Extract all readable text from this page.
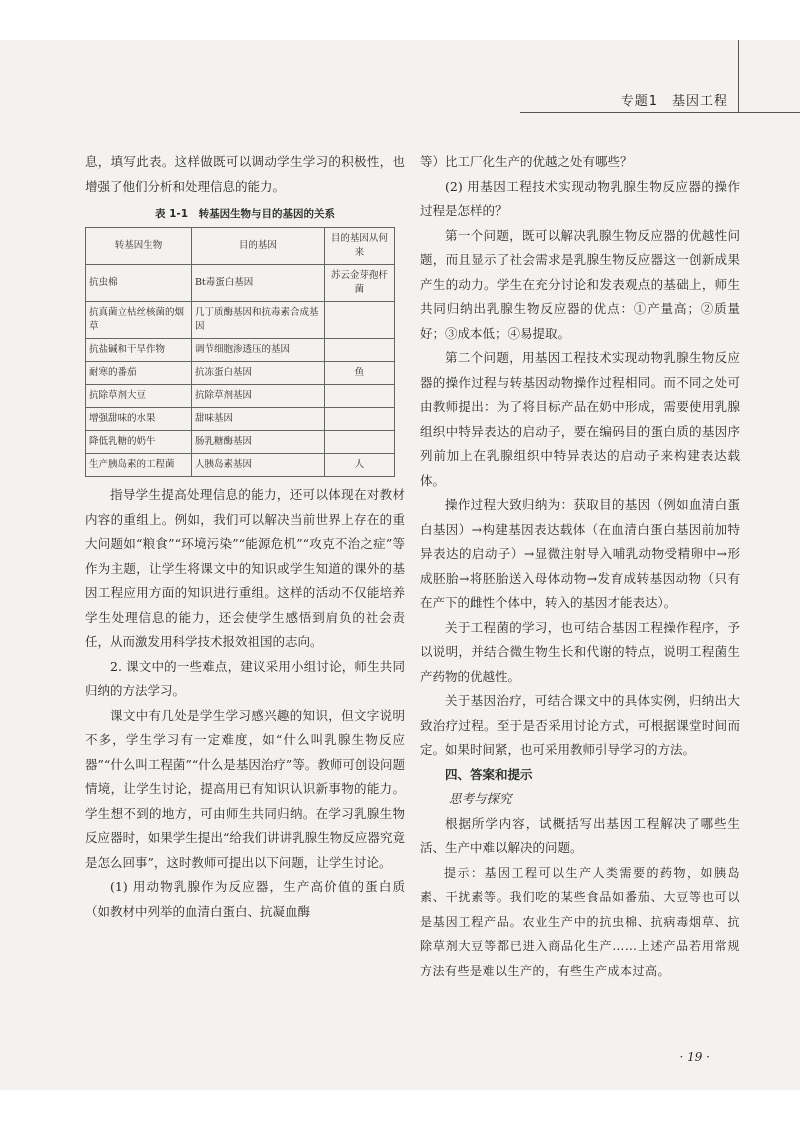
专题1　基因工程

息，填写此表。这样做既可以调动学生学习的积极性，也增强了他们分析和处理信息的能力。

表 1-1　转基因生物与目的基因的关系
转基因生物	目的基因	目的基因从何来
抗虫棉	Bt毒蛋白基因	苏云金芽孢杆菌
抗真菌立枯丝核菌的烟草	几丁质酶基因和抗毒素合成基因	
抗盐碱和干旱作物	调节细胞渗透压的基因	
耐寒的番茄	抗冻蛋白基因	鱼
抗除草剂大豆	抗除草剂基因	
增强甜味的水果	甜味基因	
降低乳糖的奶牛	肠乳糖酶基因	
生产胰岛素的工程菌	人胰岛素基因	人

指导学生提高处理信息的能力，还可以体现在对教材内容的重组上。例如，我们可以解决当前世界上存在的重大问题如“粮食”“环境污染”“能源危机”“攻克不治之症”等作为主题，让学生将课文中的知识或学生知道的课外的基因工程应用方面的知识进行重组。这样的活动不仅能培养学生处理信息的能力，还会使学生感悟到肩负的社会责任，从而激发用科学技术报效祖国的志向。

2. 课文中的一些难点，建议采用小组讨论，师生共同归纳的方法学习。

课文中有几处是学生学习感兴趣的知识，但文字说明不多，学生学习有一定难度，如“什么叫乳腺生物反应器”“什么叫工程菌”“什么是基因治疗”等。教师可创设问题情境，让学生讨论，提高用已有知识认识新事物的能力。学生想不到的地方，可由师生共同归纳。在学习乳腺生物反应器时，如果学生提出“给我们讲讲乳腺生物反应器究竟是怎么回事”，这时教师可提出以下问题，让学生讨论。

(1) 用动物乳腺作为反应器，生产高价值的蛋白质（如教材中列举的血清白蛋白、抗凝血酶

等）比工厂化生产的优越之处有哪些？

(2) 用基因工程技术实现动物乳腺生物反应器的操作过程是怎样的？

第一个问题，既可以解决乳腺生物反应器的优越性问题，而且显示了社会需求是乳腺生物反应器这一创新成果产生的动力。学生在充分讨论和发表观点的基础上，师生共同归纳出乳腺生物反应器的优点：①产量高；②质量好；③成本低；④易提取。

第二个问题，用基因工程技术实现动物乳腺生物反应器的操作过程与转基因动物操作过程相同。而不同之处可由教师提出：为了将目标产品在奶中形成，需要使用乳腺组织中特异表达的启动子，要在编码目的蛋白质的基因序列前加上在乳腺组织中特异表达的启动子来构建表达载体。

操作过程大致归纳为：获取目的基因（例如血清白蛋白基因）→构建基因表达载体（在血清白蛋白基因前加特异表达的启动子）→显微注射导入哺乳动物受精卵中→形成胚胎→将胚胎送入母体动物→发育成转基因动物（只有在产下的雌性个体中，转入的基因才能表达）。

关于工程菌的学习，也可结合基因工程操作程序，予以说明，并结合微生物生长和代谢的特点，说明工程菌生产药物的优越性。

关于基因治疗，可结合课文中的具体实例，归纳出大致治疗过程。至于是否采用讨论方式，可根据课堂时间而定。如果时间紧，也可采用教师引导学习的方法。

四、答案和提示

思考与探究

根据所学内容，试概括写出基因工程解决了哪些生活、生产中难以解决的问题。

提示：基因工程可以生产人类需要的药物，如胰岛素、干扰素等。我们吃的某些食品如番茄、大豆等也可以是基因工程产品。农业生产中的抗虫棉、抗病毒烟草、抗除草剂大豆等都已进入商品化生产……上述产品若用常规方法有些是难以生产的，有些生产成本过高。

· 19 ·
